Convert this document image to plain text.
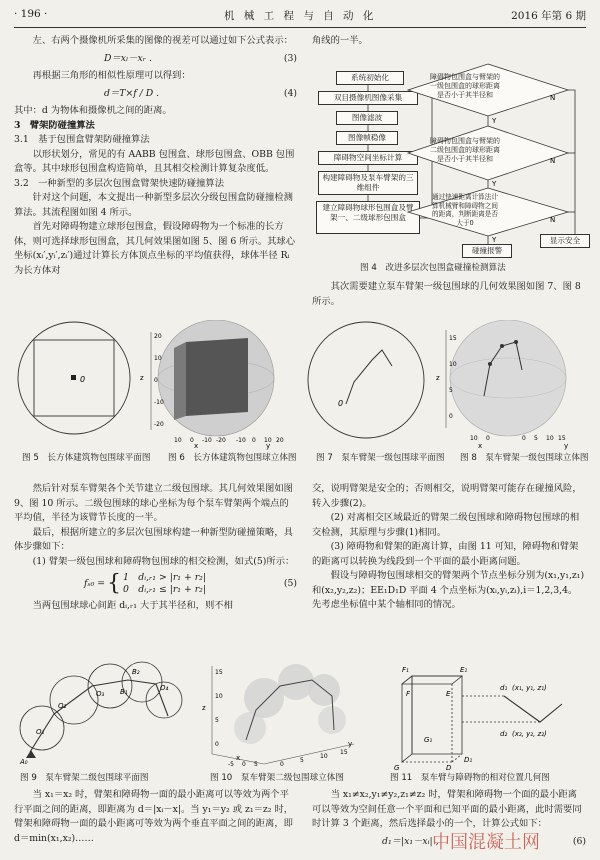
· 196 ·	机 械 工 程 与 自 动 化	2016 年第 6 期

左、右两个摄像机所采集的图像的视差可以通过如下公式表示：

D＝xₗ－xᵣ .	(3)

再根据三角形的相似性原理可以得到：

d＝T×f / D .	(4)

其中：d 为物体和摄像机之间的距离。

3　臂架防碰撞算法

3.1　基于包围盒臂架防碰撞算法

以形状划分，常见的有 AABB 包围盒、球形包围盒、OBB 包围盒等。其中球形包围盒构造简单，且其相交检测计算复杂度低。

3.2　一种新型的多层次包围盒臂架快速防碰撞算法

针对这个问题，本文提出一种新型多层次分级包围盒防碰撞检测算法。其流程图如图 4 所示。

首先对障碍物建立球形包围盒，假设障碍物为一个标准的长方体，则可选择球形包围盒，其几何效果图如图 5、图 6 所示。其球心坐标(xᵢ′,yᵢ′,zᵢ′)通过计算长方体顶点坐标的平均值获得，球体半径 Rᵢ 为长方体对

角线的一半。

系统初始化
双目摄像机图像采集
图像滤波
图像帧稳像
障碍物空间坐标计算
构建障碍物及泵车臂架的三维组件
建立障碍物球形包围盒及臂架一、二级球形包围盒
N
N
N
Y
Y
Y
障碍物包围盒与臂架的一级包围盒的球形距离是否小于其半径和
障碍物包围盒与臂架的二级包围盒的球形距离是否小于其半径和
通过快速距离计算法计算机械臂和障碍物之间的距离，判断距离是否大于0
碰撞报警
显示安全
图 4　改进多层次包围盒碰撞检测算法

其次需要建立泵车臂架一级包围球的几何效果图如图 7、图 8 所示。

0	z
20
10
0
-10
-20
10 0 -10 -20 -10 0 10 20
x	y
0
z
15
10
5
0
10 0	0 5 10 15
x	y
图 5　长方体建筑物包围球平面图 图 6　长方体建筑物包围球立体图 图 7　泵车臂架一级包围球平面图 图 8　泵车臂架一级包围球立体图

然后针对泵车臂架各个关节建立二级包围球。其几何效果图如图 9、图 10 所示。二级包围球的球心坐标为每个泵车臂架两个端点的平均值，半径为该臂节长度的一半。

最后，根据所建立的多层次包围球构建一种新型防碰撞策略，具体步骤如下：

(1) 臂架一级包围球和障碍物包围球的相交检测，如式(5)所示：

fₛ₀ = { 1　dᵢ,ᵣ₁ > |r₁ + r₂|
0　dᵢ,ᵣ₁ ≤ |r₁ + r₂|
(5)

当两包围球球心间距 dᵢ,ᵣ₁ 大于其半径和，则不相

交，说明臂架是安全的；否则相交，说明臂架可能存在碰撞风险，转入步骤(2)。

(2) 对离相交区域最近的臂架二级包围球和障碍物包围球的相交检测，其原理与步骤(1)相同。

(3) 障碍物和臂架的距离计算，由图 11 可知，障碍物和臂架的距离可以转换为线段到一个平面的最小距离问题。

假设与障碍物包围球相交的臂架两个节点坐标分别为(x₁,y₁,z₁)和(x₂,y₂,z₂)；EE₁D₁D 平面 4 个点坐标为(xᵢ,yᵢ,zᵢ),i＝1,2,3,4。先考虑坐标值中某个轴相同的情况。

O₄
B₂
O₂
B₁
O₃
O₁
A₀
z
15
10
5
0
-5 0 5	0
5
10
15
x
y
F₁	E₁
F	E
G₁
G	D
D₁
d₁ (x₁, y₁, z₁)
d₂ (x₂, y₂, z₂)
图 9　泵车臂架二级包围球平面图	图 10　泵车臂架二级包围球立体图	图 11　泵车臂与障碍物的相对位置几何图

当 x₁＝x₂ 时，臂架和障碍物一面的最小距离可以等效为两个平行平面之间的距离，即距离为 d＝|xᵢ－x|。当 y₁＝y₂ 或 z₁＝z₂ 时，臂架和障碍物一面的最小距离可等效为两个垂直平面之间的距离，即 d＝min(x₁,x₂)……

当 x₁≠x₂,y₁≠y₂,z₁≠z₂ 时，臂架和障碍物一个面的最小距离可以等效为空间任意一个平面和已知平面的最小距离，此时需要同时计算 3 个距离，然后选择最小的一个，计算公式如下：

d₁＝|x₁－xᵢ| ,	(6)
中国混凝土网
